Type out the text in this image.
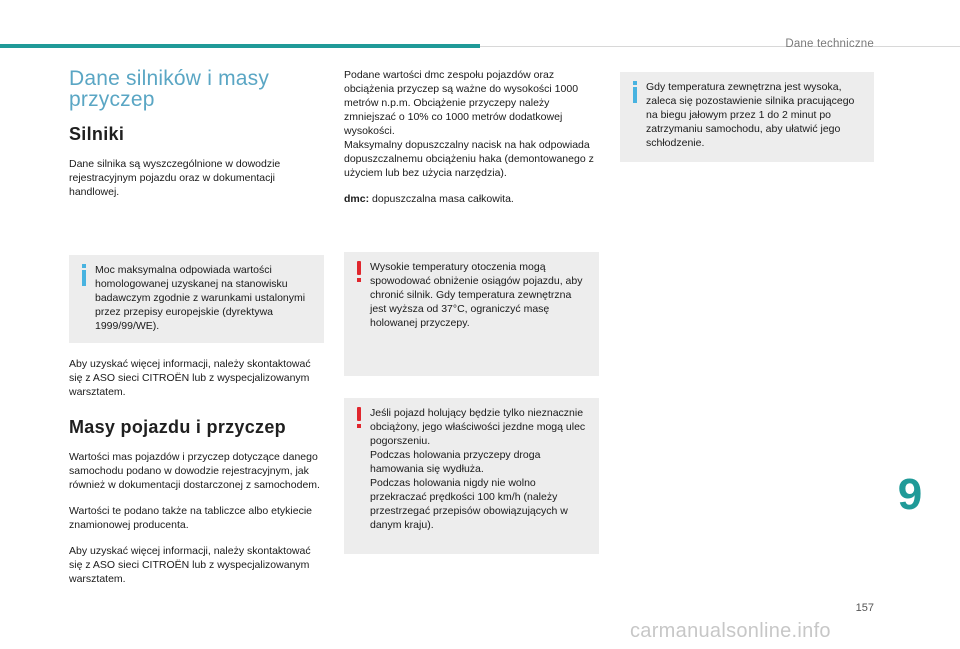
Dane techniczne
Dane silników i masy przyczep
Silniki

Dane silnika są wyszczególnione w dowodzie rejestracyjnym pojazdu oraz w dokumentacji handlowej.

Moc maksymalna odpowiada wartości homologowanej uzyskanej na stanowisku badawczym zgodnie z warunkami ustalonymi przez przepisy europejskie (dyrektywa 1999/99/WE).

Aby uzyskać więcej informacji, należy skontaktować się z ASO sieci CITROËN lub z wyspecjalizowanym warsztatem.

Masy pojazdu i przyczep

Wartości mas pojazdów i przyczep dotyczące danego samochodu podano w dowodzie rejestracyjnym, jak również w dokumentacji dostarczonej z samochodem.

Wartości te podano także na tabliczce albo etykiecie znamionowej producenta.

Aby uzyskać więcej informacji, należy skontaktować się z ASO sieci CITROËN lub z wyspecjalizowanym warsztatem.

Podane wartości dmc zespołu pojazdów oraz obciążenia przyczep są ważne do wysokości 1000 metrów n.p.m. Obciążenie przyczepy należy zmniejszać o 10% co 1000 metrów dodatkowej wysokości.
Maksymalny dopuszczalny nacisk na hak odpowiada dopuszczalnemu obciążeniu haka (demontowanego z użyciem lub bez użycia narzędzia).

dmc: dopuszczalna masa całkowita.

Wysokie temperatury otoczenia mogą spowodować obniżenie osiągów pojazdu, aby chronić silnik. Gdy temperatura zewnętrzna jest wyższa od 37°C, ograniczyć masę holowanej przyczepy.
Jeśli pojazd holujący będzie tylko nieznacznie obciążony, jego właściwości jezdne mogą ulec pogorszeniu.
Podczas holowania przyczepy droga hamowania się wydłuża.
Podczas holowania nigdy nie wolno przekraczać prędkości 100 km/h (należy przestrzegać przepisów obowiązujących w danym kraju).
Gdy temperatura zewnętrzna jest wysoka, zaleca się pozostawienie silnika pracującego na biegu jałowym przez 1 do 2 minut po zatrzymaniu samochodu, aby ułatwić jego schłodzenie.
9
157
carmanualsonline.info
